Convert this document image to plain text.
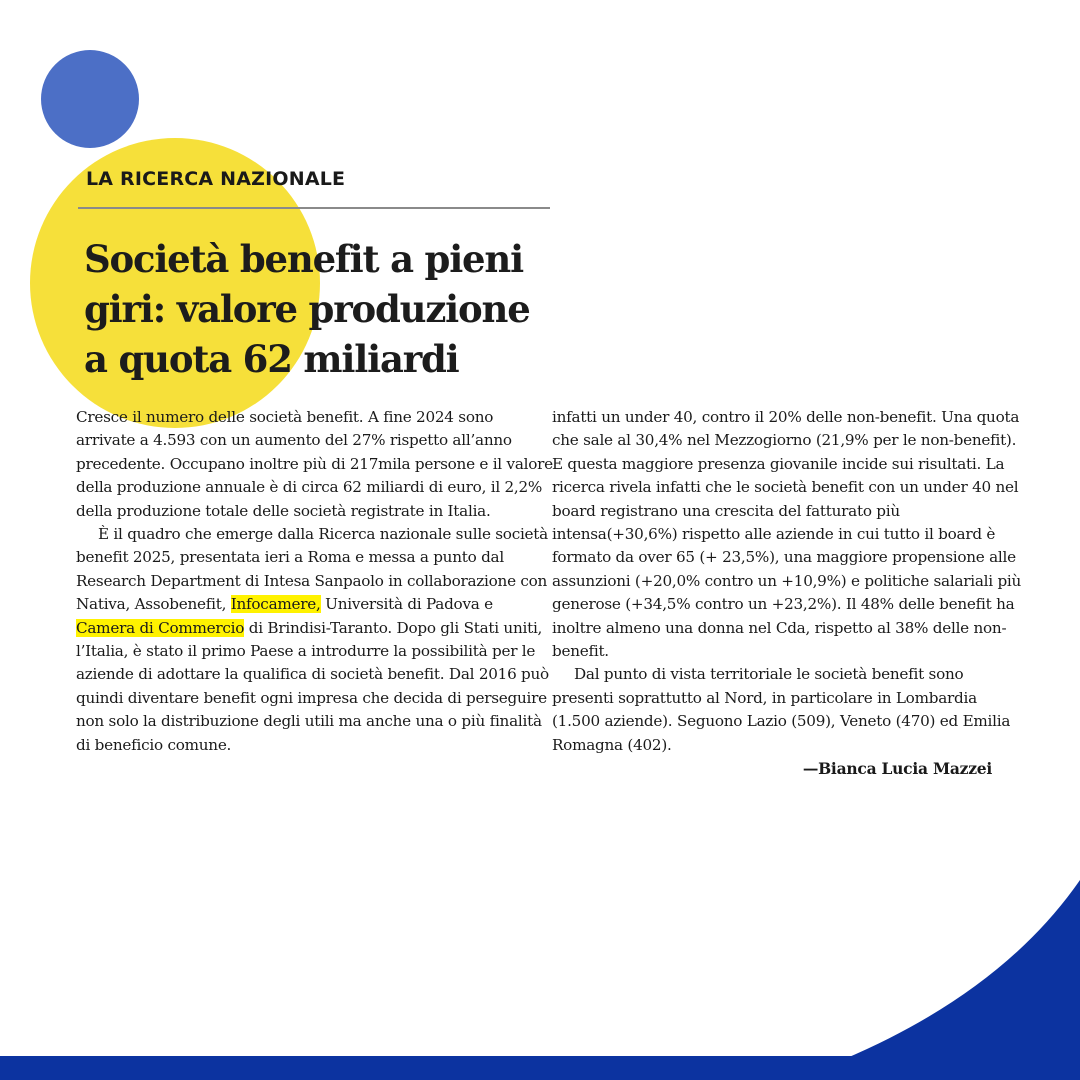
LA RICERCA NAZIONALE
Società benefit a pieni giri: valore produzione a quota 62 miliardi

Cresce il numero delle società benefit. A fine 2024 sono arrivate a 4.593 con un aumento del 27% rispetto all’anno precedente. Occupano inoltre più di 217mila persone e il valore della produzione annuale è di circa 62 miliardi di euro, il 2,2% della produzione totale delle società registrate in Italia.

È il quadro che emerge dalla Ricerca nazionale sulle società benefit 2025, presentata ieri a Roma e messa a punto dal Research Department di Intesa Sanpaolo in collaborazione con Nativa, Assobenefit, Infocamere, Università di Padova e Camera di Commercio di Brindisi-Taranto. Dopo gli Stati uniti, l’Italia, è stato il primo Paese a introdurre la possibilità per le aziende di adottare la qualifica di società benefit. Dal 2016 può quindi diventare benefit ogni impresa che decida di perseguire non solo la distribuzione degli utili ma anche una o più finalità di beneficio comune.

infatti un under 40, contro il 20% delle non-benefit. Una quota che sale al 30,4% nel Mezzogiorno (21,9% per le non-benefit). E questa maggiore presenza giovanile incide sui risultati. La ricerca rivela infatti che le società benefit con un under 40 nel board registrano una crescita del fatturato più intensa(+30,6%) rispetto alle aziende in cui tutto il board è formato da over 65 (+ 23,5%), una maggiore propensione alle assunzioni (+20,0% contro un +10,9%) e politiche salariali più generose (+34,5% contro un +23,2%). Il 48% delle benefit ha inoltre almeno una donna nel Cda, rispetto al 38% delle non-benefit.

Dal punto di vista territoriale le società benefit sono presenti soprattutto al Nord, in particolare in Lombardia (1.500 aziende). Seguono Lazio (509), Veneto (470) ed Emilia Romagna (402).

—Bianca Lucia Mazzei
